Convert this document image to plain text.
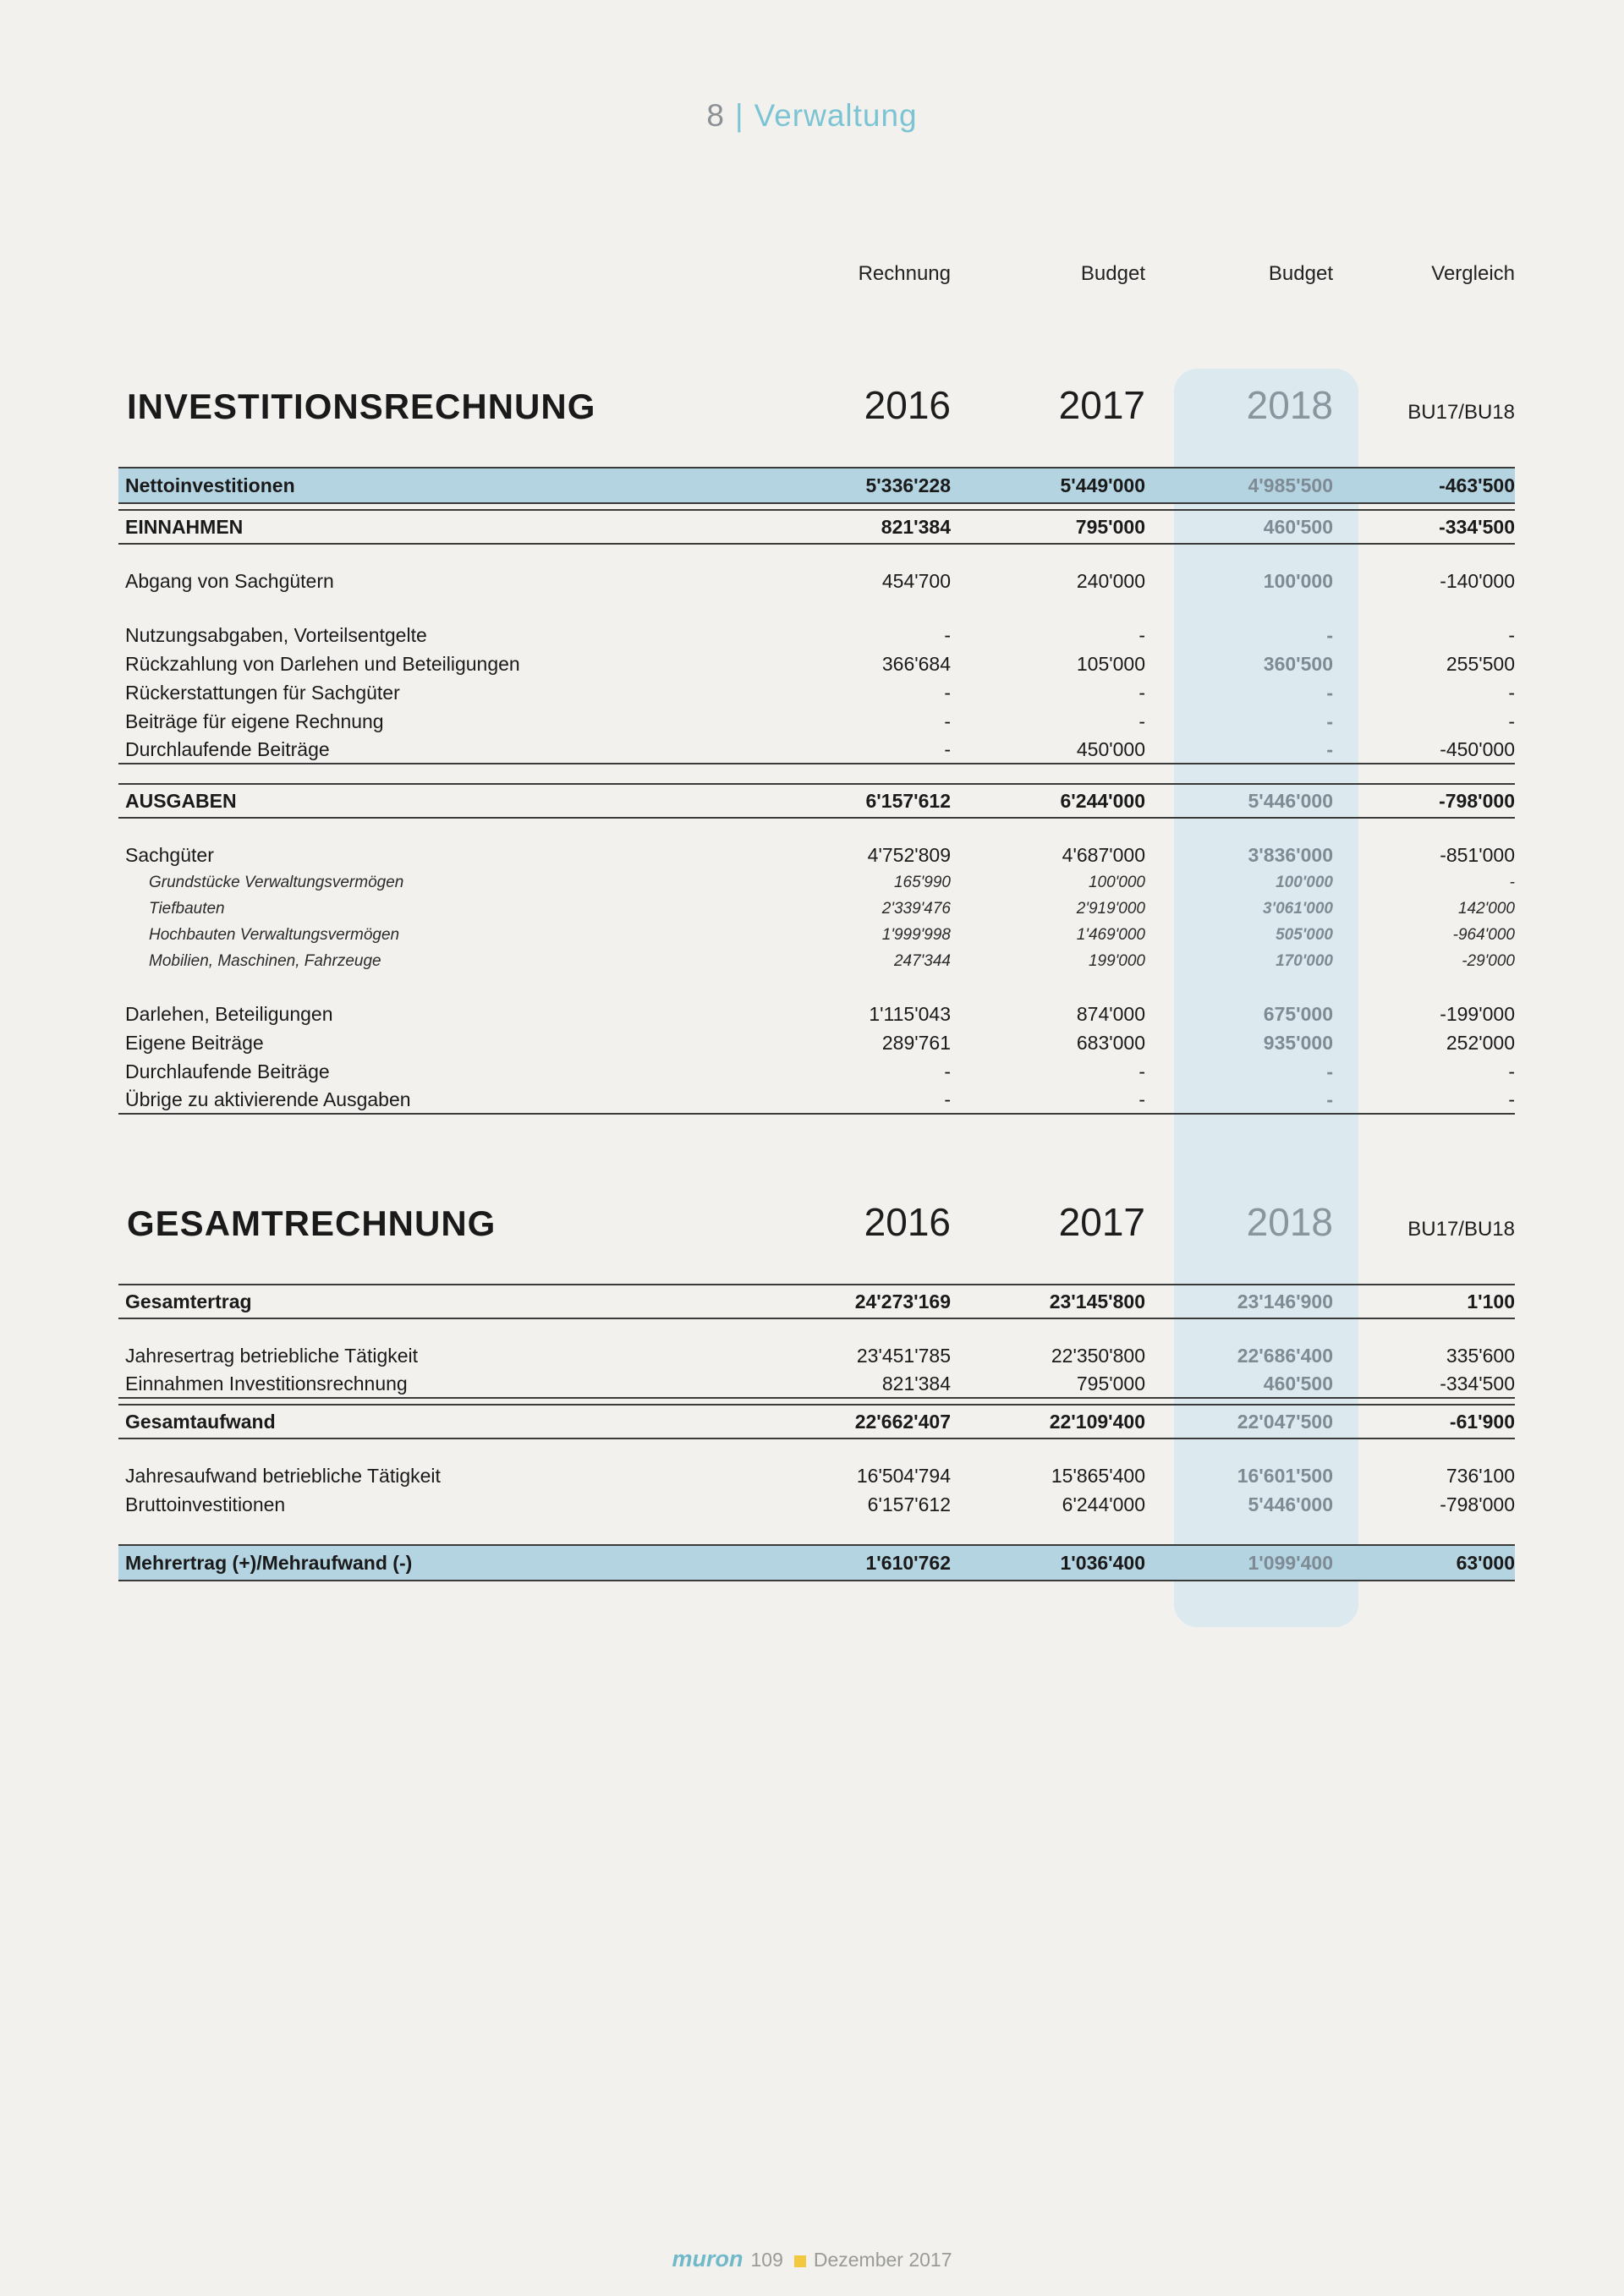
8 | Verwaltung
Rechnung	Budget	Budget	Vergleich
INVESTITIONSRECHNUNG	2016	2017	2018	BU17/BU18
Nettoinvestitionen	5'336'228	5'449'000	4'985'500	-463'500
EINNAHMEN	821'384	795'000	460'500	-334'500
Abgang von Sachgütern	454'700	240'000	100'000	-140'000
Nutzungsabgaben, Vorteilsentgelte	-	-	-	-
Rückzahlung von Darlehen und Beteiligungen	366'684	105'000	360'500	255'500
Rückerstattungen für Sachgüter	-	-	-	-
Beiträge für eigene Rechnung	-	-	-	-
Durchlaufende Beiträge	-	450'000	-	-450'000
AUSGABEN	6'157'612	6'244'000	5'446'000	-798'000
Sachgüter	4'752'809	4'687'000	3'836'000	-851'000
Grundstücke Verwaltungsvermögen	165'990	100'000	100'000	-
Tiefbauten	2'339'476	2'919'000	3'061'000	142'000
Hochbauten Verwaltungsvermögen	1'999'998	1'469'000	505'000	-964'000
Mobilien, Maschinen, Fahrzeuge	247'344	199'000	170'000	-29'000
Darlehen, Beteiligungen	1'115'043	874'000	675'000	-199'000
Eigene Beiträge	289'761	683'000	935'000	252'000
Durchlaufende Beiträge	-	-	-	-
Übrige zu aktivierende Ausgaben	-	-	-	-
GESAMTRECHNUNG	2016	2017	2018	BU17/BU18
Gesamtertrag	24'273'169	23'145'800	23'146'900	1'100
Jahresertrag betriebliche Tätigkeit	23'451'785	22'350'800	22'686'400	335'600
Einnahmen Investitionsrechnung	821'384	795'000	460'500	-334'500
Gesamtaufwand	22'662'407	22'109'400	22'047'500	-61'900
Jahresaufwand betriebliche Tätigkeit	16'504'794	15'865'400	16'601'500	736'100
Bruttoinvestitionen	6'157'612	6'244'000	5'446'000	-798'000
Mehrertrag (+)/Mehraufwand (-)	1'610'762	1'036'400	1'099'400	63'000
muron 109 Dezember 2017
